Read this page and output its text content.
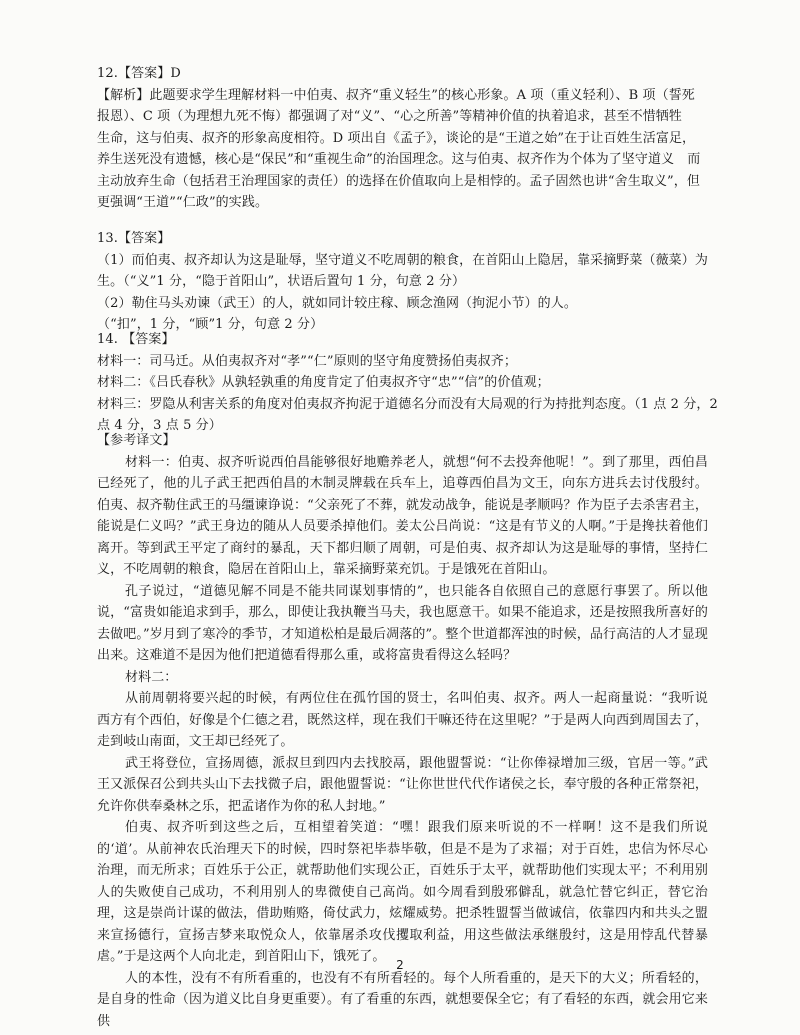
12.【答案】D
【解析】此题要求学生理解材料一中伯夷、叔齐“重义轻生”的核心形象。A 项（重义轻利）、B 项（誓死
报恩）、C 项（为理想九死不悔）都强调了对“义”、“心之所善”等精神价值的执着追求，甚至不惜牺牲
生命，这与伯夷、叔齐的形象高度相符。D 项出自《孟子》，谈论的是“王道之始”在于让百姓生活富足，
养生送死没有遗憾，核心是“保民”和“重视生命”的治国理念。这与伯夷、叔齐作为个体为了坚守道义　而
主动放弃生命（包括君王治理国家的责任）的选择在价值取向上是相悖的。孟子固然也讲“舍生取义”，但
更强调“王道”“仁政”的实践。
13.【答案】
（1）而伯夷、叔齐却认为这是耻辱，坚守道义不吃周朝的粮食，在首阳山上隐居，靠采摘野菜（薇菜）为
生。（“义”1 分，“隐于首阳山”，状语后置句 1 分，句意 2 分）
（2）勒住马头劝谏（武王）的人，就如同计较庄稼、顾念渔网（拘泥小节）的人。
（“扣”，1 分，“顾”1 分，句意 2 分）
14. 【答案】
材料一：司马迁。从伯夷叔齐对“孝”“仁”原则的坚守角度赞扬伯夷叔齐；
材料二：《吕氏春秋》从孰轻孰重的角度肯定了伯夷叔齐守“忠”“信”的价值观；
材料三：罗隐从利害关系的角度对伯夷叔齐拘泥于道德名分而没有大局观的行为持批判态度。（1 点 2 分，2
点 4 分，3 点 5 分）
【参考译文】
材料一：伯夷、叔齐听说西伯昌能够很好地赡养老人，就想“何不去投奔他呢！”。到了那里，西伯昌已经死了，他的儿子武王把西伯昌的木制灵牌载在兵车上，追尊西伯昌为文王，向东方进兵去讨伐殷纣。伯夷、叔齐勒住武王的马缰谏诤说：“父亲死了不葬，就发动战争，能说是孝顺吗？作为臣子去杀害君主，能说是仁义吗？”武王身边的随从人员要杀掉他们。姜太公吕尚说：“这是有节义的人啊。”于是搀扶着他们离开。等到武王平定了商纣的暴乱，天下都归顺了周朝，可是伯夷、叔齐却认为这是耻辱的事情，坚持仁义，不吃周朝的粮食，隐居在首阳山上，靠采摘野菜充饥。于是饿死在首阳山。
孔子说过，“道德见解不同是不能共同谋划事情的”，也只能各自依照自己的意愿行事罢了。所以他说，“富贵如能追求到手，那么，即使让我执鞭当马夫，我也愿意干。如果不能追求，还是按照我所喜好的去做吧。”岁月到了寒冷的季节，才知道松柏是最后凋落的”。整个世道都浑浊的时候，品行高洁的人才显现出来。这难道不是因为他们把道德看得那么重，或将富贵看得这么轻吗？
材料二：
从前周朝将要兴起的时候，有两位住在孤竹国的贤士，名叫伯夷、叔齐。两人一起商量说：“我听说西方有个西伯，好像是个仁德之君，既然这样，现在我们干嘛还待在这里呢？”于是两人向西到周国去了，走到岐山南面，文王却已经死了。
武王将登位，宣扬周德，派叔旦到四内去找胶鬲，跟他盟誓说：“让你俸禄增加三级，官居一等。”武王又派保召公到共头山下去找微子启，跟他盟誓说：“让你世世代代作诸侯之长，奉守殷的各种正常祭祀，允许你供奉桑林之乐，把孟诸作为你的私人封地。”
伯夷、叔齐听到这些之后，互相望着笑道：“嘿！跟我们原来听说的不一样啊！这不是我们所说的‘道’。从前神农氏治理天下的时候，四时祭祀毕恭毕敬，但是不是为了求福；对于百姓，忠信为怀尽心治理，而无所求；百姓乐于公正，就帮助他们实现公正，百姓乐于太平，就帮助他们实现太平；不利用别人的失败使自己成功，不利用别人的卑微使自己高尚。如今周看到殷邪僻乱，就急忙替它纠正，替它治理，这是崇尚计谋的做法，借助贿赂，倚仗武力，炫耀威势。把杀牲盟誓当做诚信，依靠四内和共头之盟来宣扬德行，宣扬吉梦来取悦众人，依靠屠杀攻伐攫取利益，用这些做法承继殷纣，这是用悖乱代替暴虐。”于是这两个人向北走，到首阳山下，饿死了。
人的本性，没有不有所看重的，也没有不有所看轻的。每个人所看重的，是天下的大义；所看轻的，是自身的性命（因为道义比自身更重要）。有了看重的东西，就想要保全它；有了看轻的东西，就会用它来供
2
